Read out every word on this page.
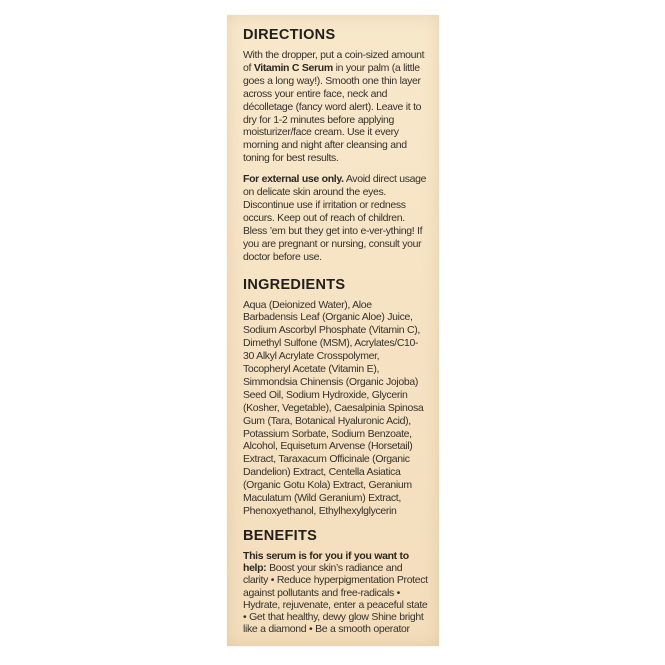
DIRECTIONS

With the dropper, put a coin-sized amount of Vitamin C Serum in your palm (a little goes a long way!). Smooth one thin layer across your entire face, neck and décolletage (fancy word alert). Leave it to dry for 1-2 minutes before applying moisturizer/face cream. Use it every morning and night after cleansing and toning for best results.

For external use only. Avoid direct usage on delicate skin around the eyes. Discontinue use if irritation or redness occurs. Keep out of reach of children. Bless ’em but they get into e-ver-ything! If you are pregnant or nursing, consult your doctor before use.

INGREDIENTS

Aqua (Deionized Water), Aloe Barbadensis Leaf (Organic Aloe) Juice, Sodium Ascorbyl Phosphate (Vitamin C), Dimethyl Sulfone (MSM), Acrylates/C10-30 Alkyl Acrylate Crosspolymer, Tocopheryl Acetate (Vitamin E), Simmondsia Chinensis (Organic Jojoba) Seed Oil, Sodium Hydroxide, Glycerin (Kosher, Vegetable), Caesalpinia Spinosa Gum (Tara, Botanical Hyaluronic Acid), Potassium Sorbate, Sodium Benzoate, Alcohol, Equisetum Arvense (Horsetail) Extract, Taraxacum Officinale (Organic Dandelion) Extract, Centella Asiatica (Organic Gotu Kola) Extract, Geranium Maculatum (Wild Geranium) Extract, Phenoxyethanol, Ethylhexylglycerin

BENEFITS

This serum is for you if you want to help: Boost your skin’s radiance and clarity • Reduce hyperpigmentation Protect against pollutants and free-radicals • Hydrate, rejuvenate, enter a peaceful state • Get that healthy, dewy glow Shine bright like a diamond • Be a smooth operator
